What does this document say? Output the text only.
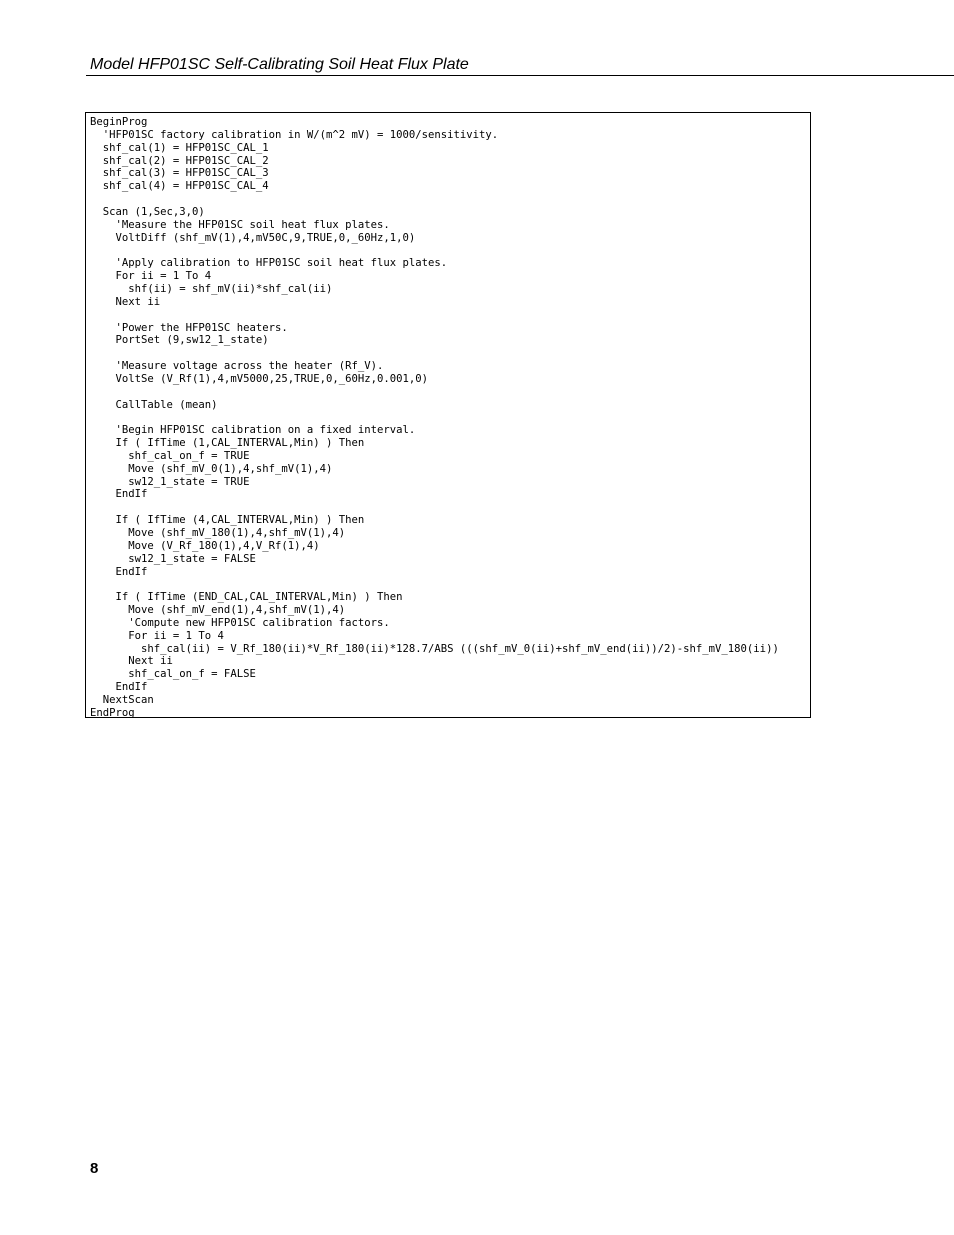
Model HFP01SC Self-Calibrating Soil Heat Flux Plate
BeginProg
'HFP01SC factory calibration in W/(m^2 mV) = 1000/sensitivity.
shf_cal(1) = HFP01SC_CAL_1
shf_cal(2) = HFP01SC_CAL_2
shf_cal(3) = HFP01SC_CAL_3
shf_cal(4) = HFP01SC_CAL_4
Scan (1,Sec,3,0)
'Measure the HFP01SC soil heat flux plates.
VoltDiff (shf_mV(1),4,mV50C,9,TRUE,0,_60Hz,1,0)
'Apply calibration to HFP01SC soil heat flux plates.
For ii = 1 To 4
shf(ii) = shf_mV(ii)*shf_cal(ii)
Next ii
'Power the HFP01SC heaters.
PortSet (9,sw12_1_state)
'Measure voltage across the heater (Rf_V).
VoltSe (V_Rf(1),4,mV5000,25,TRUE,0,_60Hz,0.001,0)
CallTable (mean)
'Begin HFP01SC calibration on a fixed interval.
If ( IfTime (1,CAL_INTERVAL,Min) ) Then
shf_cal_on_f = TRUE
Move (shf_mV_0(1),4,shf_mV(1),4)
sw12_1_state = TRUE
EndIf
If ( IfTime (4,CAL_INTERVAL,Min) ) Then
Move (shf_mV_180(1),4,shf_mV(1),4)
Move (V_Rf_180(1),4,V_Rf(1),4)
sw12_1_state = FALSE
EndIf
If ( IfTime (END_CAL,CAL_INTERVAL,Min) ) Then
Move (shf_mV_end(1),4,shf_mV(1),4)
'Compute new HFP01SC calibration factors.
For ii = 1 To 4
shf_cal(ii) = V_Rf_180(ii)*V_Rf_180(ii)*128.7/ABS (((shf_mV_0(ii)+shf_mV_end(ii))/2)-shf_mV_180(ii))
Next ii
shf_cal_on_f = FALSE
EndIf
NextScan
EndProg
8
